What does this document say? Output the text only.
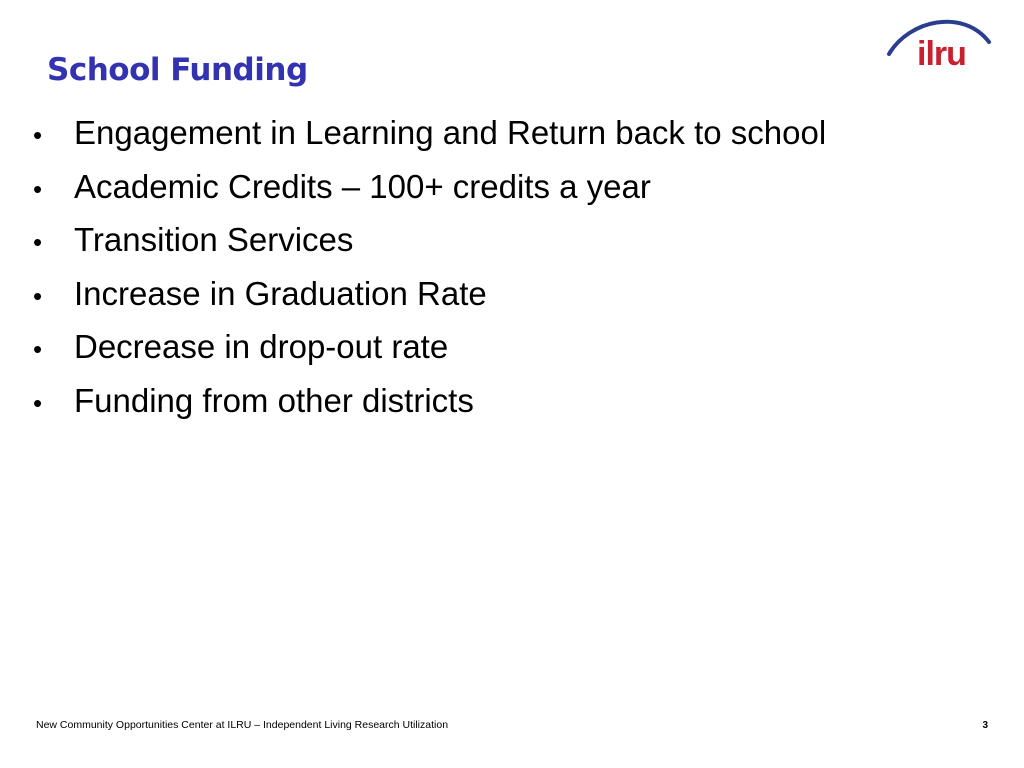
School Funding	ilru
• Engagement in Learning and Return back to school
• Academic Credits – 100+ credits a year
• Transition Services
• Increase in Graduation Rate
• Decrease in drop-out rate
• Funding from other districts
New Community Opportunities Center at ILRU – Independent Living Research Utilization	3
